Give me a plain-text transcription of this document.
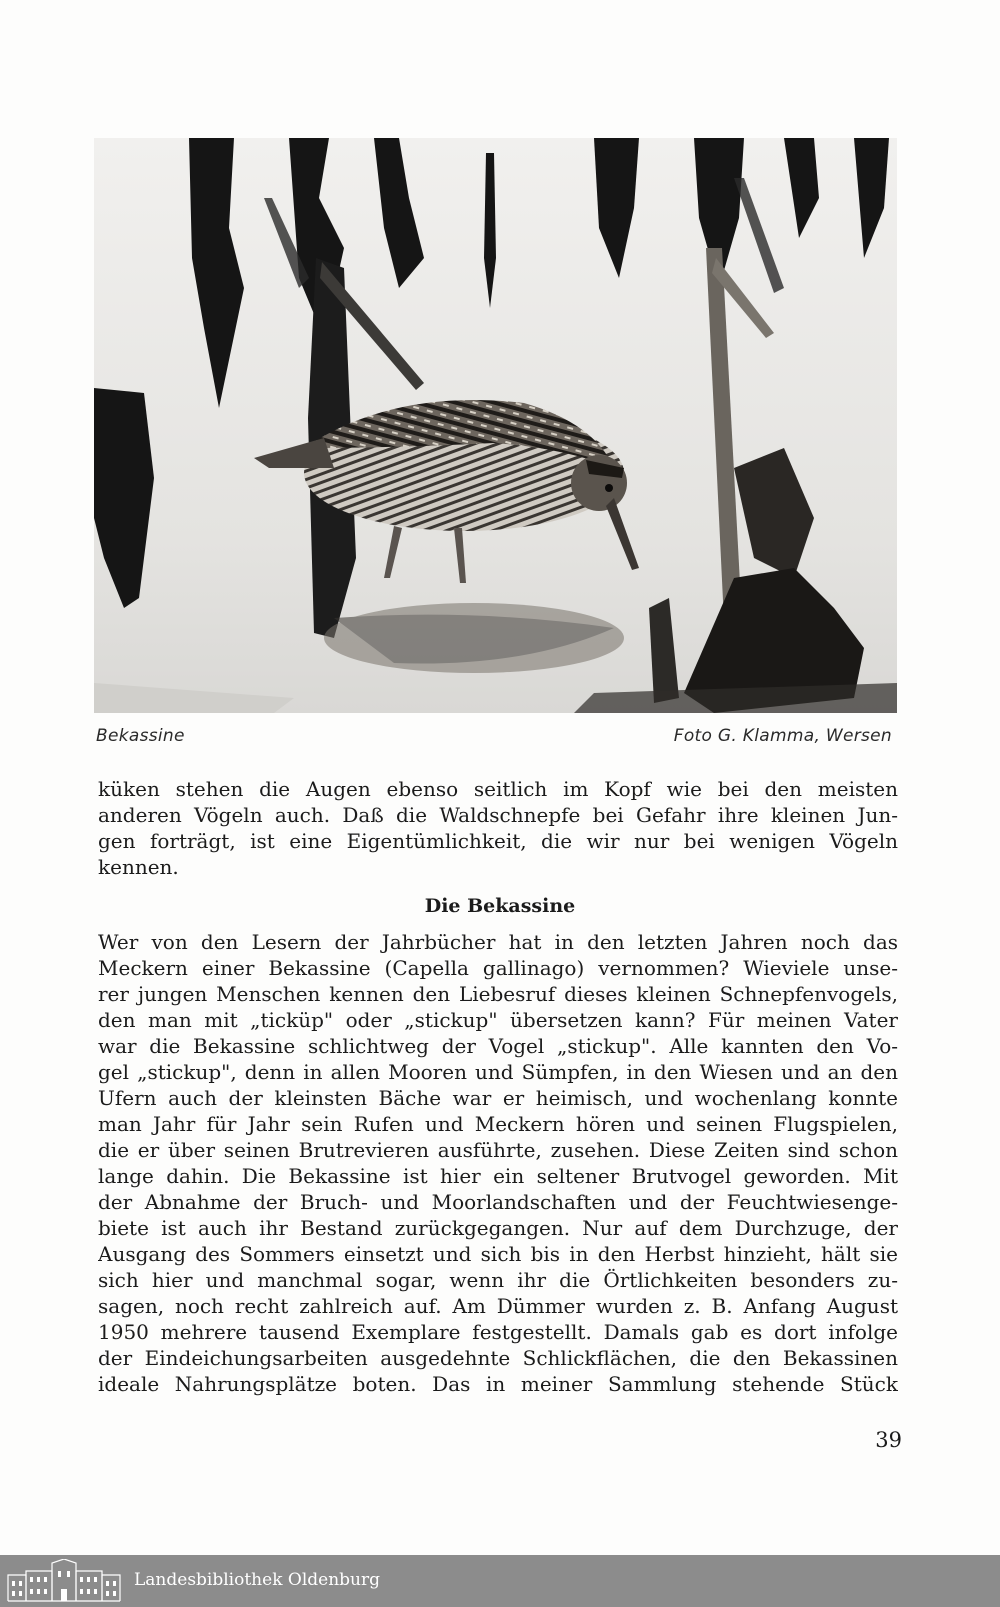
Bekassine	Foto G. Klamma, Wersen
küken stehen die Augen ebenso seitlich im Kopf wie bei den meisten
anderen Vögeln auch. Daß die Waldschnepfe bei Gefahr ihre kleinen Jun-
gen forträgt, ist eine Eigentümlichkeit, die wir nur bei wenigen Vögeln
kennen.
Die Bekassine
Wer von den Lesern der Jahrbücher hat in den letzten Jahren noch das
Meckern einer Bekassine (Capella gallinago) vernommen? Wieviele unse-
rer jungen Menschen kennen den Liebesruf dieses kleinen Schnepfenvogels,
den man mit „ticküp" oder „stickup" übersetzen kann? Für meinen Vater
war die Bekassine schlichtweg der Vogel „stickup". Alle kannten den Vo-
gel „stickup", denn in allen Mooren und Sümpfen, in den Wiesen und an den
Ufern auch der kleinsten Bäche war er heimisch, und wochenlang konnte
man Jahr für Jahr sein Rufen und Meckern hören und seinen Flugspielen,
die er über seinen Brutrevieren ausführte, zusehen. Diese Zeiten sind schon
lange dahin. Die Bekassine ist hier ein seltener Brutvogel geworden. Mit
der Abnahme der Bruch- und Moorlandschaften und der Feuchtwiesenge-
biete ist auch ihr Bestand zurückgegangen. Nur auf dem Durchzuge, der
Ausgang des Sommers einsetzt und sich bis in den Herbst hinzieht, hält sie
sich hier und manchmal sogar, wenn ihr die Örtlichkeiten besonders zu-
sagen, noch recht zahlreich auf. Am Dümmer wurden z. B. Anfang August
1950 mehrere tausend Exemplare festgestellt. Damals gab es dort infolge
der Eindeichungsarbeiten ausgedehnte Schlickflächen, die den Bekassinen
ideale Nahrungsplätze boten. Das in meiner Sammlung stehende Stück
39
Landesbibliothek Oldenburg
